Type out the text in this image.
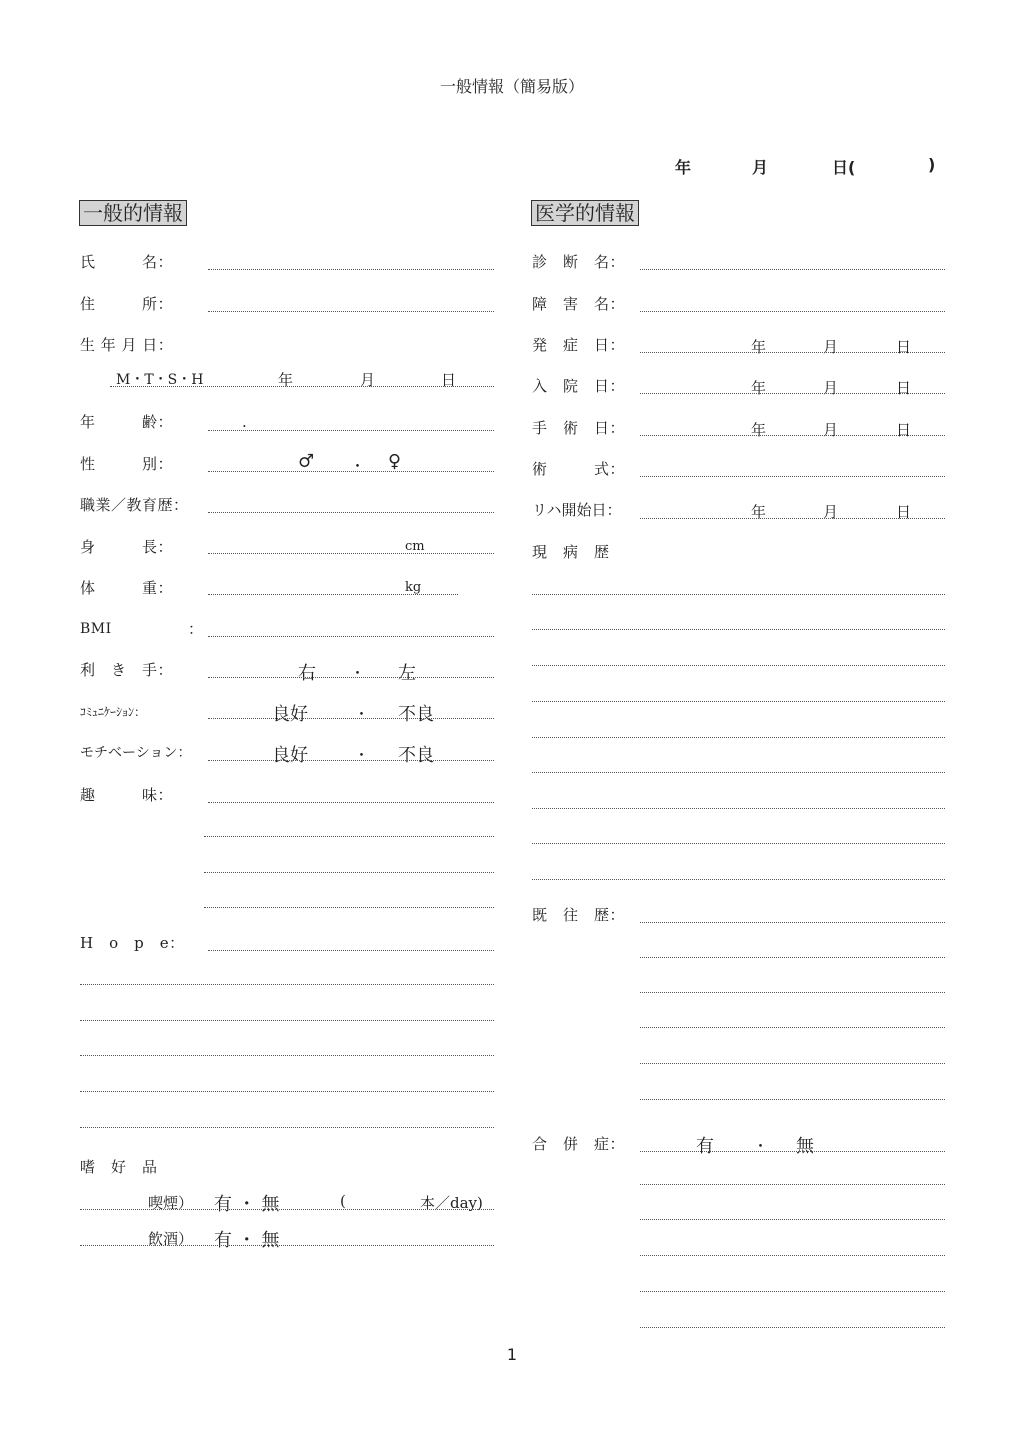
一般情報（簡易版）
年	月	日(	)
一般的情報	医学的情報
氏　　　名：
住　　　所：
生 年 月 日：
M・T・S・H	年	月	日
年　　　齢：	.
性　　　別：	♂ ・ ♀
職業／教育歴：
身　　　長：	cm
体　　　重：	kg
BMI	：
利　き　手：	右 ・ 左
ｺﾐｭﾆｹｰｼｮﾝ：	良好	・ 不良
モチベーション：	良好	・ 不良
趣　　　味：
H　o　p　e：
嗜　好　品
喫煙） 有 ・ 無	(	本／day)
飲酒） 有 ・ 無
診　断　名：
障　害　名：
発　症　日：	年	月	日
入　院　日：	年	月	日
手　術　日：	年	月	日
術　　　式：
リハ開始日：	年	月	日
現　病　歴
既　往　歴：
合　併　症：	有	・ 無
1
